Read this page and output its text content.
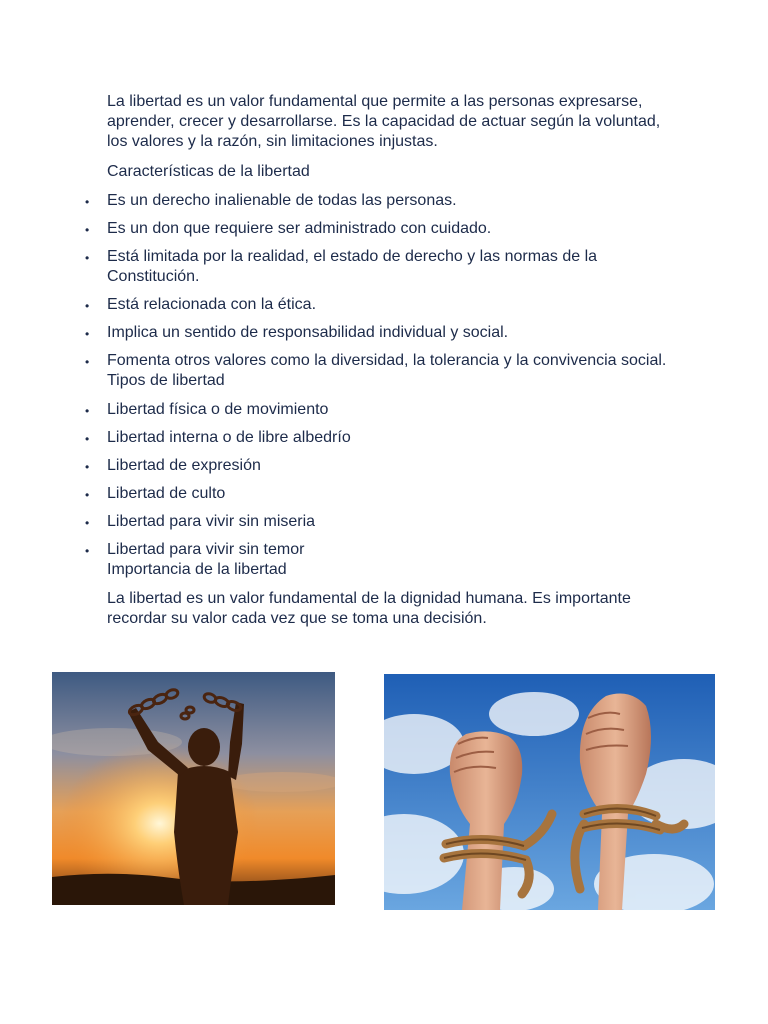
La libertad es un valor fundamental que permite a las personas expresarse, aprender, crecer y desarrollarse. Es la capacidad de actuar según la voluntad, los valores y la razón, sin limitaciones injustas.

Características de la libertad

• Es un derecho inalienable de todas las personas.
• Es un don que requiere ser administrado con cuidado.
• Está limitada por la realidad, el estado de derecho y las normas de la Constitución.
• Está relacionada con la ética.
• Implica un sentido de responsabilidad individual y social.
• Fomenta otros valores como la diversidad, la tolerancia y la convivencia social.
Tipos de libertad
• Libertad física o de movimiento
• Libertad interna o de libre albedrío
• Libertad de expresión
• Libertad de culto
• Libertad para vivir sin miseria
• Libertad para vivir sin temor
Importancia de la libertad

La libertad es un valor fundamental de la dignidad humana. Es importante recordar su valor cada vez que se toma una decisión.
